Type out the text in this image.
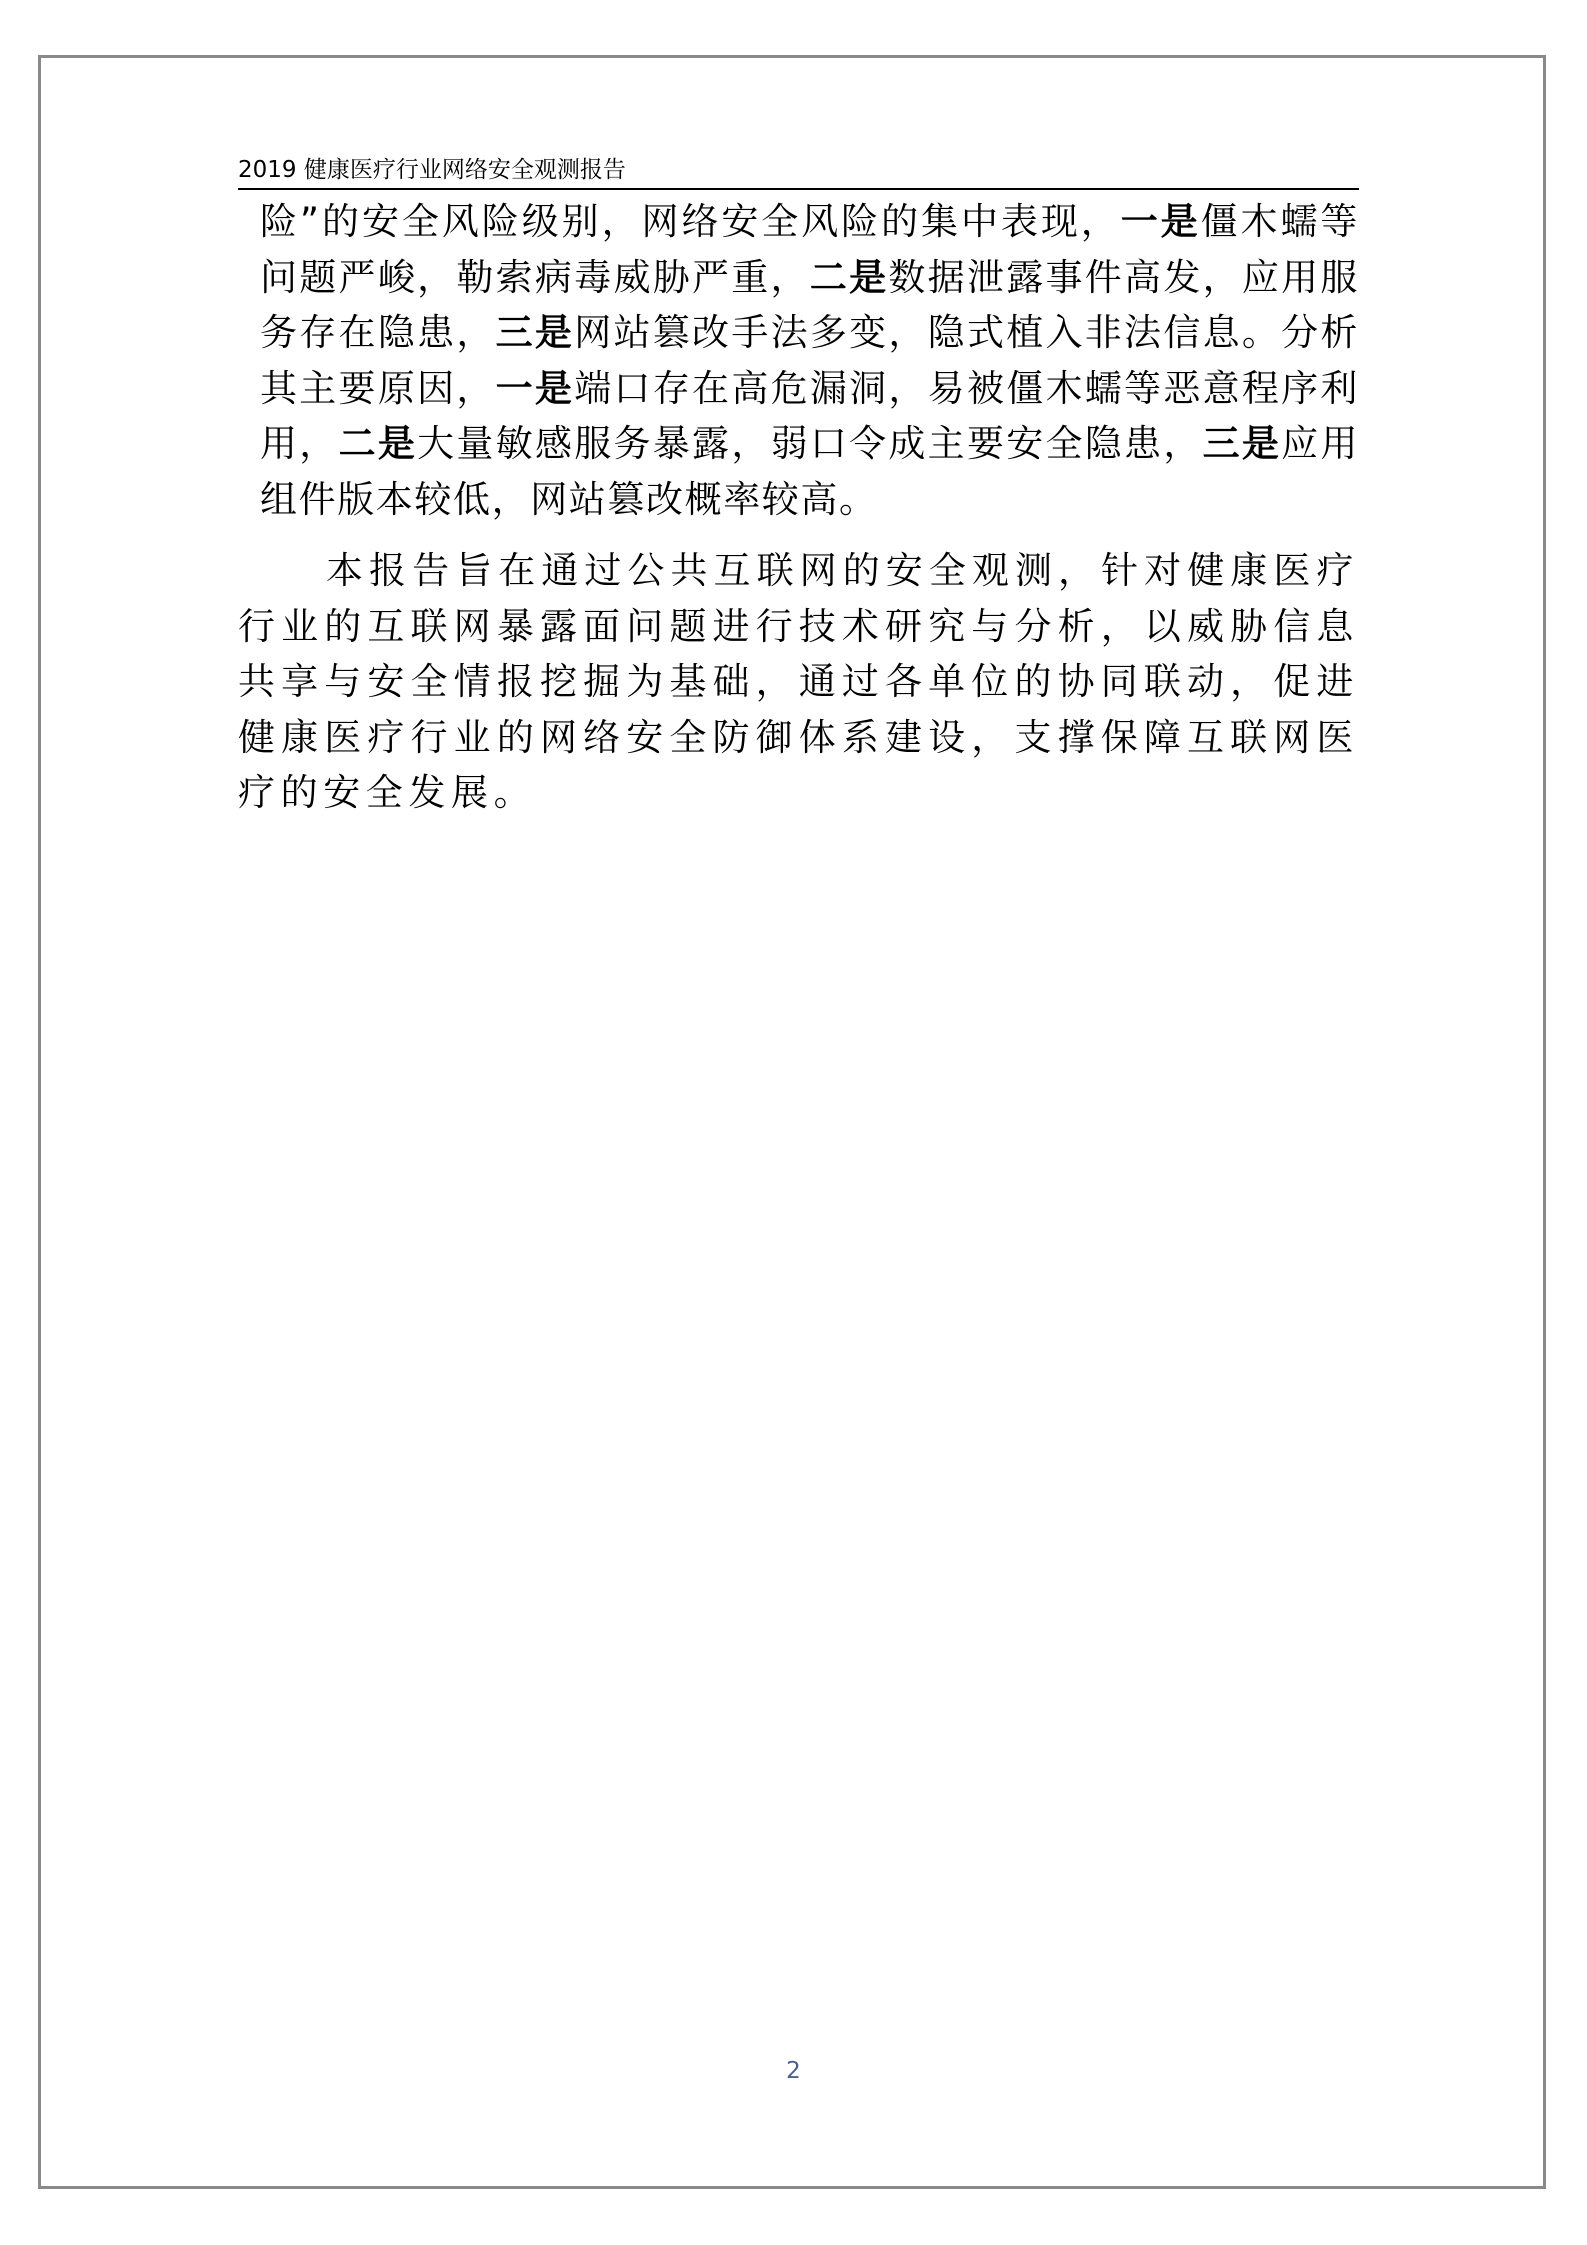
2019 健康医疗行业网络安全观测报告

险”的安全风险级别，网络安全风险的集中表现，一是僵木蠕等问题严峻，勒索病毒威胁严重，二是数据泄露事件高发，应用服务存在隐患，三是网站篡改手法多变，隐式植入非法信息。分析其主要原因，一是端口存在高危漏洞，易被僵木蠕等恶意程序利用，二是大量敏感服务暴露，弱口令成主要安全隐患，三是应用组件版本较低，网站篡改概率较高。

本报告旨在通过公共互联网的安全观测，针对健康医疗行业的互联网暴露面问题进行技术研究与分析，以威胁信息共享与安全情报挖掘为基础，通过各单位的协同联动，促进健康医疗行业的网络安全防御体系建设，支撑保障互联网医疗的安全发展。

2
